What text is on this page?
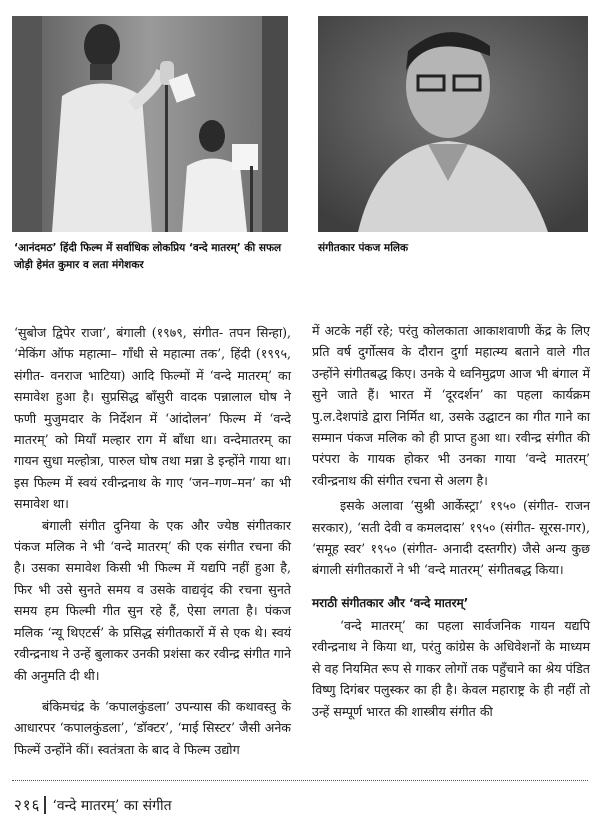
‘आनंदमठ’ हिंदी फिल्म में सर्वाधिक लोकप्रिय ‘वन्दे मातरम्’ की सफल जोड़ी हेमंत कुमार व लता मंगेशकर
संगीतकार पंकज मलिक

‘सुबोज द्विपेर राजा’, बंगाली (१९७९, संगीत- तपन सिन्हा), ‘मेकिंग ऑफ महात्मा– गाँधी से महात्मा तक’, हिंदी (१९९५, संगीत- वनराज भाटिया) आदि फिल्मों में ‘वन्दे मातरम्’ का समावेश हुआ है। सुप्रसिद्ध बाँसुरी वादक पन्नालाल घोष ने फणी मुजुमदार के निर्देशन में ‘आंदोलन’ फिल्म में ‘वन्दे मातरम्’ को मियाँ मल्हार राग में बाँधा था। वन्देमातरम् का गायन सुधा मल्होत्रा, पारुल घोष तथा मन्ना डे इन्होंने गाया था। इस फिल्म में स्वयं रवीन्द्रनाथ के गाए ‘जन–गण–मन’ का भी समावेश था।

बंगाली संगीत दुनिया के एक और ज्येष्ठ संगीतकार पंकज मलिक ने भी ‘वन्दे मातरम्’ की एक संगीत रचना की है। उसका समावेश किसी भी फिल्म में यद्यपि नहीं हुआ है, फिर भी उसे सुनते समय व उसके वाद्यवृंद की रचना सुनते समय हम फिल्मी गीत सुन रहे हैं, ऐसा लगता है। पंकज मलिक ‘न्यू थिएटर्स’ के प्रसिद्ध संगीतकारों में से एक थे। स्वयं रवीन्द्रनाथ ने उन्हें बुलाकर उनकी प्रशंसा कर रवीन्द्र संगीत गाने की अनुमति दी थी।

बंकिमचंद्र के ‘कपालकुंडला’ उपन्यास की कथावस्तु के आधारपर ‘कपालकुंडला’, ‘डॉक्टर’, ‘माई सिस्टर’ जैसी अनेक फिल्में उन्होंने कीं। स्वतंत्रता के बाद वे फिल्म उद्योग

में अटके नहीं रहे; परंतु कोलकाता आकाशवाणी केंद्र के लिए प्रति वर्ष दुर्गोत्सव के दौरान दुर्गा महात्म्य बताने वाले गीत उन्होंने संगीतबद्ध किए। उनके ये ध्वनिमुद्रण आज भी बंगाल में सुने जाते हैं। भारत में ‘दूरदर्शन’ का पहला कार्यक्रम पु.ल.देशपांडे द्वारा निर्मित था, उसके उद्घाटन का गीत गाने का सम्मान पंकज मलिक को ही प्राप्त हुआ था। रवीन्द्र संगीत की परंपरा के गायक होकर भी उनका गाया ‘वन्दे मातरम्’ रवीन्द्रनाथ की संगीत रचना से अलग है।

इसके अलावा ‘सुश्री आर्केस्ट्रा’ १९५० (संगीत- राजन सरकार), ‘सती देवी व कमलदास’ १९५० (संगीत- सूरस-ागर), ‘समूह स्वर’ १९५० (संगीत- अनादी दस्तगीर) जैसे अन्य कुछ बंगाली संगीतकारों ने भी ‘वन्दे मातरम्’ संगीतबद्ध किया।

मराठी संगीतकार और ‘वन्दे मातरम्’

‘वन्दे मातरम्’ का पहला सार्वजनिक गायन यद्यपि रवीन्द्रनाथ ने किया था, परंतु कांग्रेस के अधिवेशनों के माध्यम से वह नियमित रूप से गाकर लोगों तक पहुँचाने का श्रेय पंडित विष्णु दिगंबर पलुस्कर का ही है। केवल महाराष्ट्र के ही नहीं तो उन्हें सम्पूर्ण भारत की शास्त्रीय संगीत की

२१६ ‘वन्दे मातरम्’ का संगीत
